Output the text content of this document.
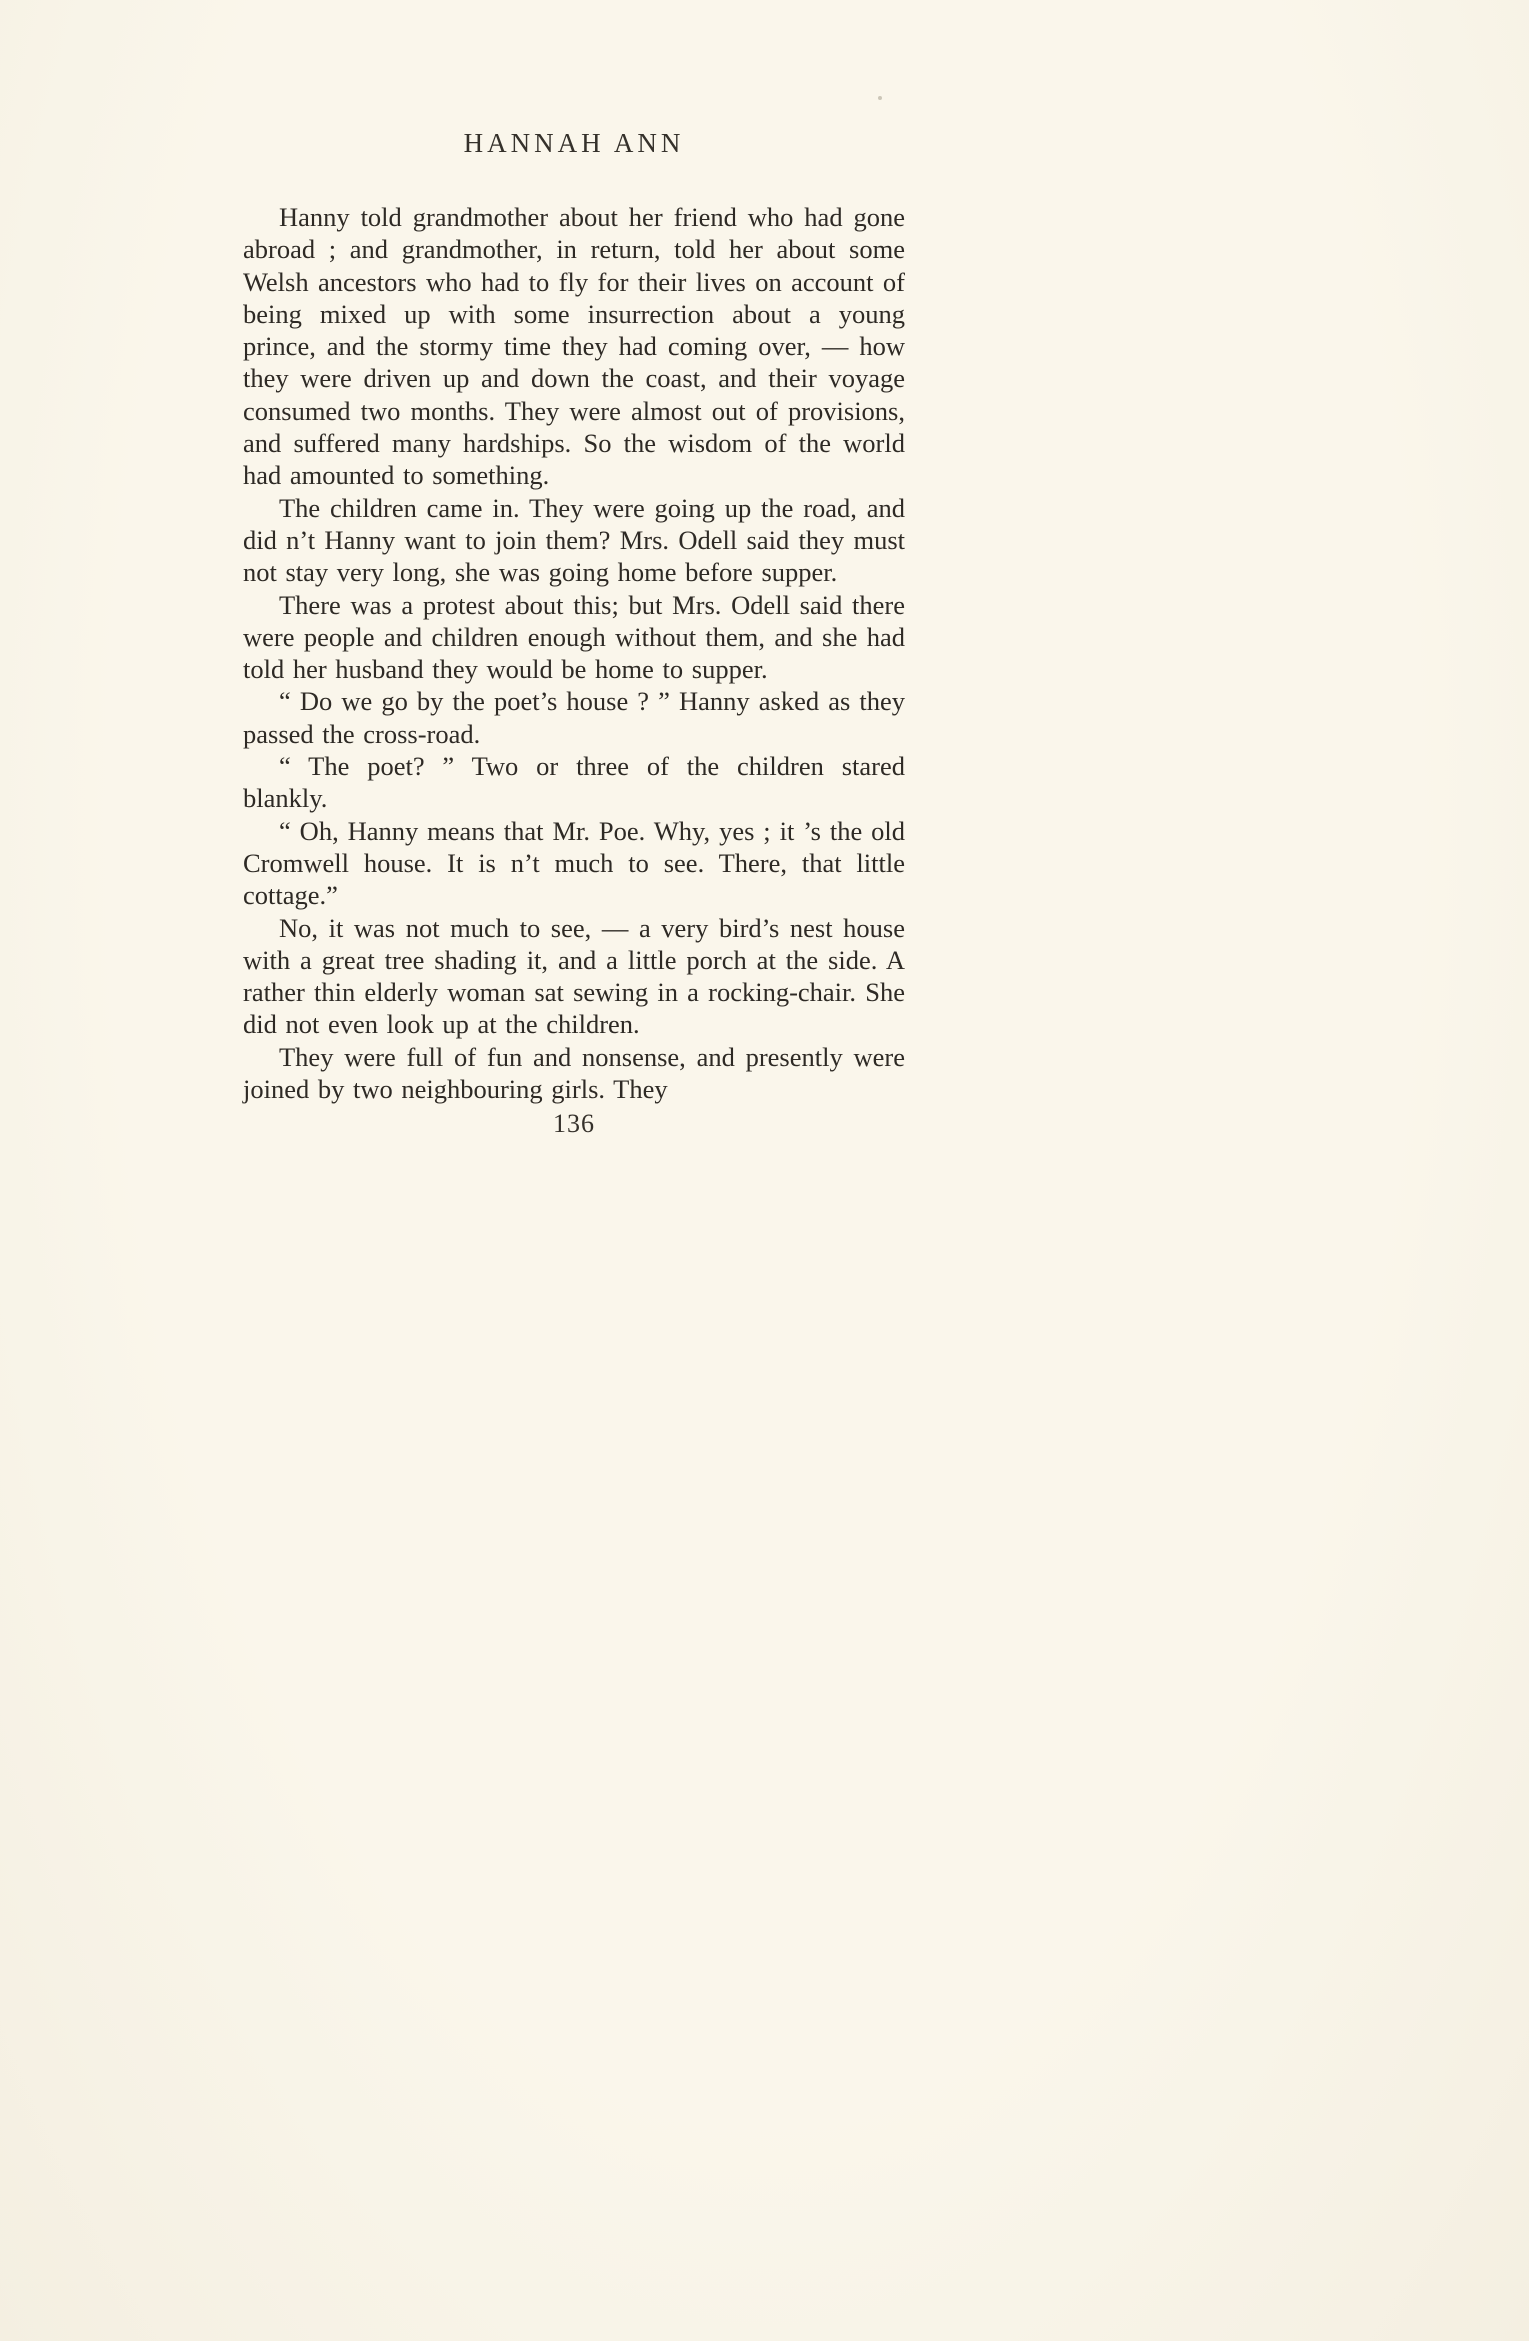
HANNAH ANN

Hanny told grandmother about her friend who had gone abroad ; and grandmother, in return, told her about some Welsh ancestors who had to fly for their lives on account of being mixed up with some insurrection about a young prince, and the stormy time they had coming over, — how they were driven up and down the coast, and their voyage consumed two months. They were almost out of provisions, and suffered many hardships. So the wisdom of the world had amounted to something.

The children came in. They were going up the road, and did n’t Hanny want to join them? Mrs. Odell said they must not stay very long, she was going home before supper.

There was a protest about this; but Mrs. Odell said there were people and children enough without them, and she had told her husband they would be home to supper.

“ Do we go by the poet’s house ? ” Hanny asked as they passed the cross-road.

“ The poet? ” Two or three of the children stared blankly.

“ Oh, Hanny means that Mr. Poe. Why, yes ; it ’s the old Cromwell house. It is n’t much to see. There, that little cottage.”

No, it was not much to see, — a very bird’s nest house with a great tree shading it, and a little porch at the side. A rather thin elderly woman sat sewing in a rocking-chair. She did not even look up at the children.

They were full of fun and nonsense, and presently were joined by two neighbouring girls. They

136
